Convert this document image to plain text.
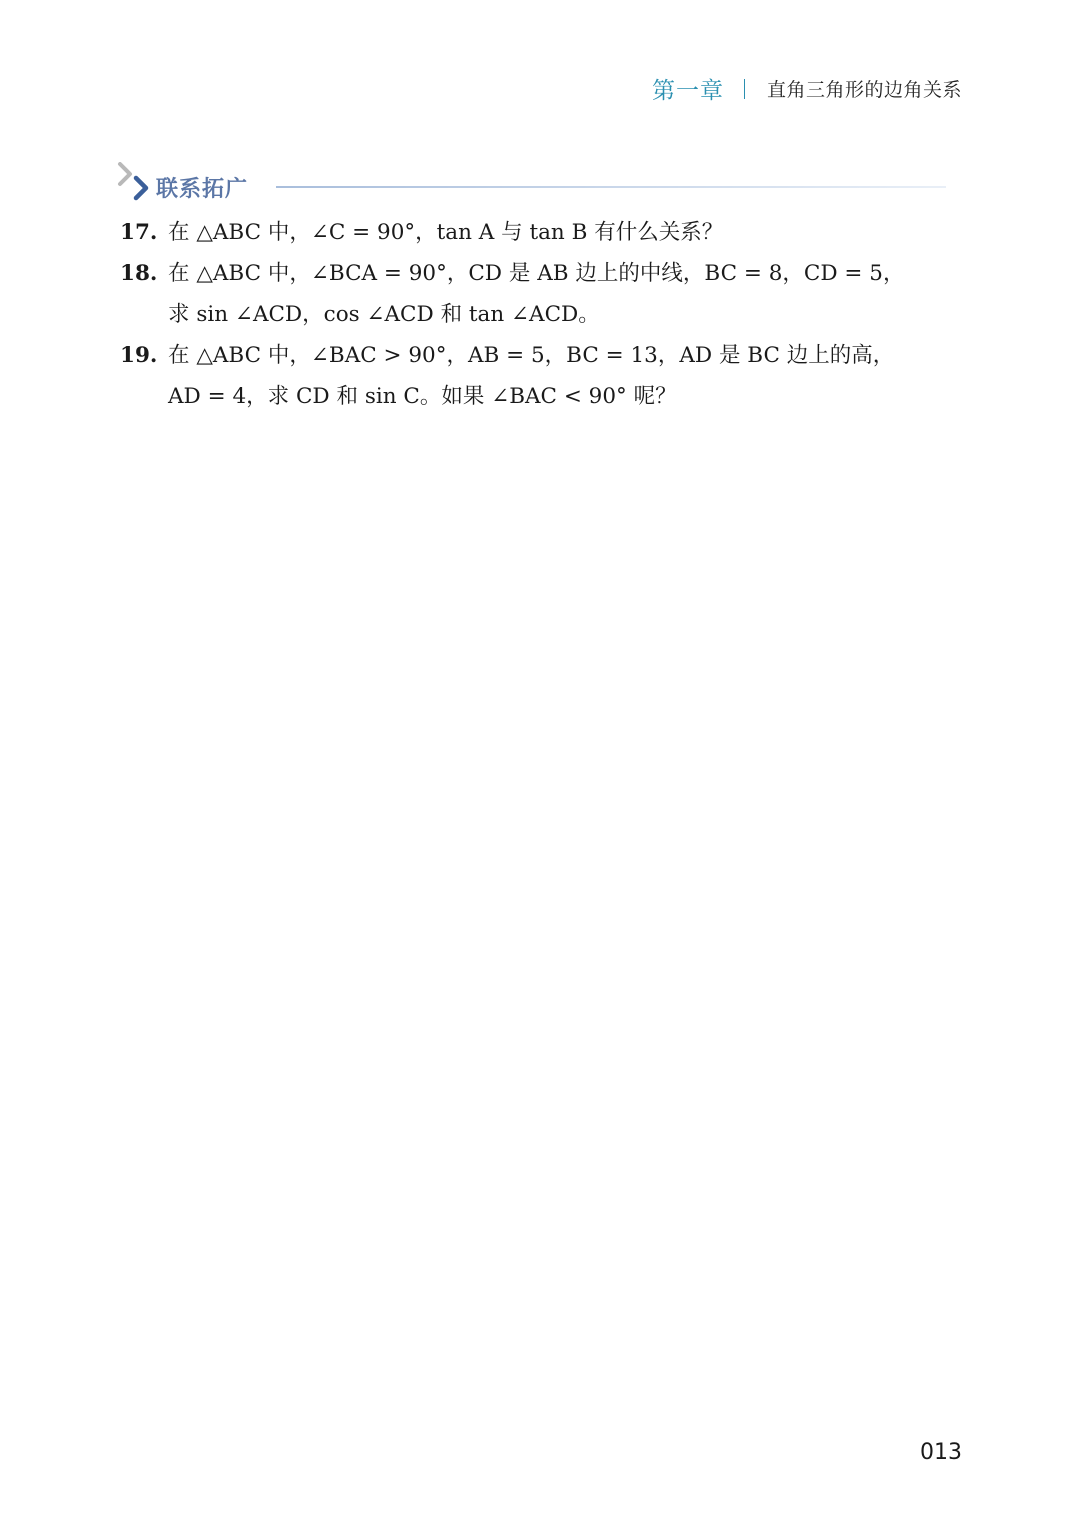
第一章 直角三角形的边角关系
联系拓广
17. 在 △ABC 中，∠C = 90°，tan A 与 tan B 有什么关系？
18. 在 △ABC 中，∠BCA = 90°，CD 是 AB 边上的中线，BC = 8，CD = 5，
求 sin ∠ACD，cos ∠ACD 和 tan ∠ACD。
19. 在 △ABC 中，∠BAC > 90°，AB = 5，BC = 13，AD 是 BC 边上的高，
AD = 4，求 CD 和 sin C。如果 ∠BAC < 90° 呢？
013
